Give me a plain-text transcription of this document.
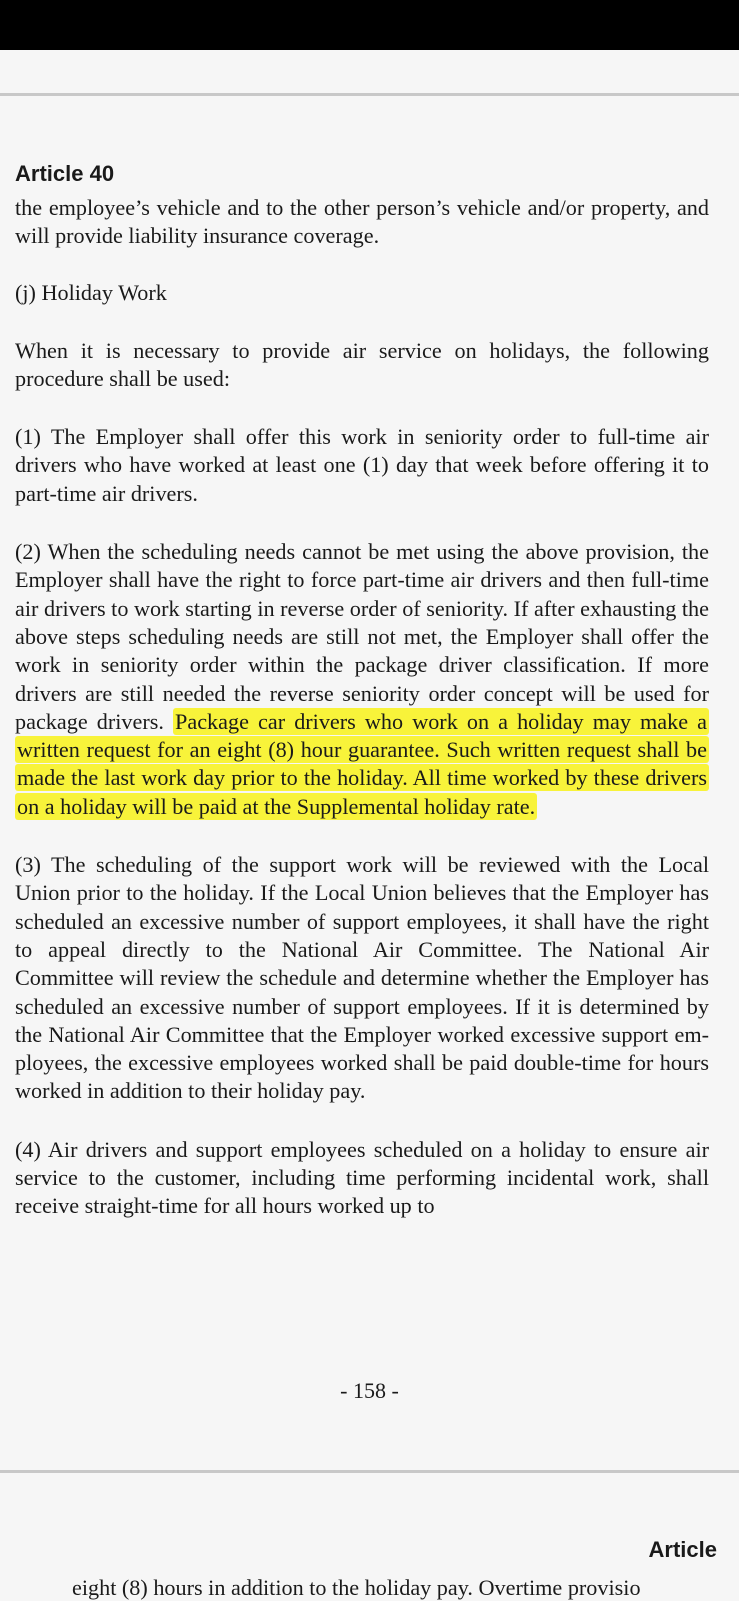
Article 40

the employee’s vehicle and to the other person’s vehicle and/or property, and will provide liability insurance coverage.

(j) Holiday Work

When it is necessary to provide air service on holidays, the following procedure shall be used:

(1) The Employer shall offer this work in seniority order to full-time air drivers who have worked at least one (1) day that week before offering it to part-time air drivers.

(2) When the scheduling needs cannot be met using the above provision, the Employer shall have the right to force part-time air drivers and then full-time air drivers to work starting in reverse order of seniority. If after exhausting the above steps scheduling needs are still not met, the Employer shall offer the work in seniority order within the package driver classification. If more drivers are still needed the reverse seniority order concept will be used for package drivers. Package car drivers who work on a holiday may make a written request for an eight (8) hour guarantee. Such written request shall be made the last work day prior to the holiday. All time worked by these drivers on a holiday will be paid at the Supplemental holiday rate.

(3) The scheduling of the support work will be reviewed with the Local Union prior to the holiday. If the Local Union believes that the Employer has scheduled an excessive number of support employees, it shall have the right to appeal directly to the National Air Committee. The National Air Committee will review the schedule and determine whether the Employer has scheduled an excessive number of support employees. If it is determined by the National Air Committee that the Employer worked excessive support employees, the excessive employees worked shall be paid double-time for hours worked in addition to their holiday pay.

(4) Air drivers and support employees scheduled on a holiday to ensure air service to the customer, including time performing incidental work, shall receive straight-time for all hours worked up to

- 158 -
Article
eight (8) hours in addition to the holiday pay. Overtime provisio
